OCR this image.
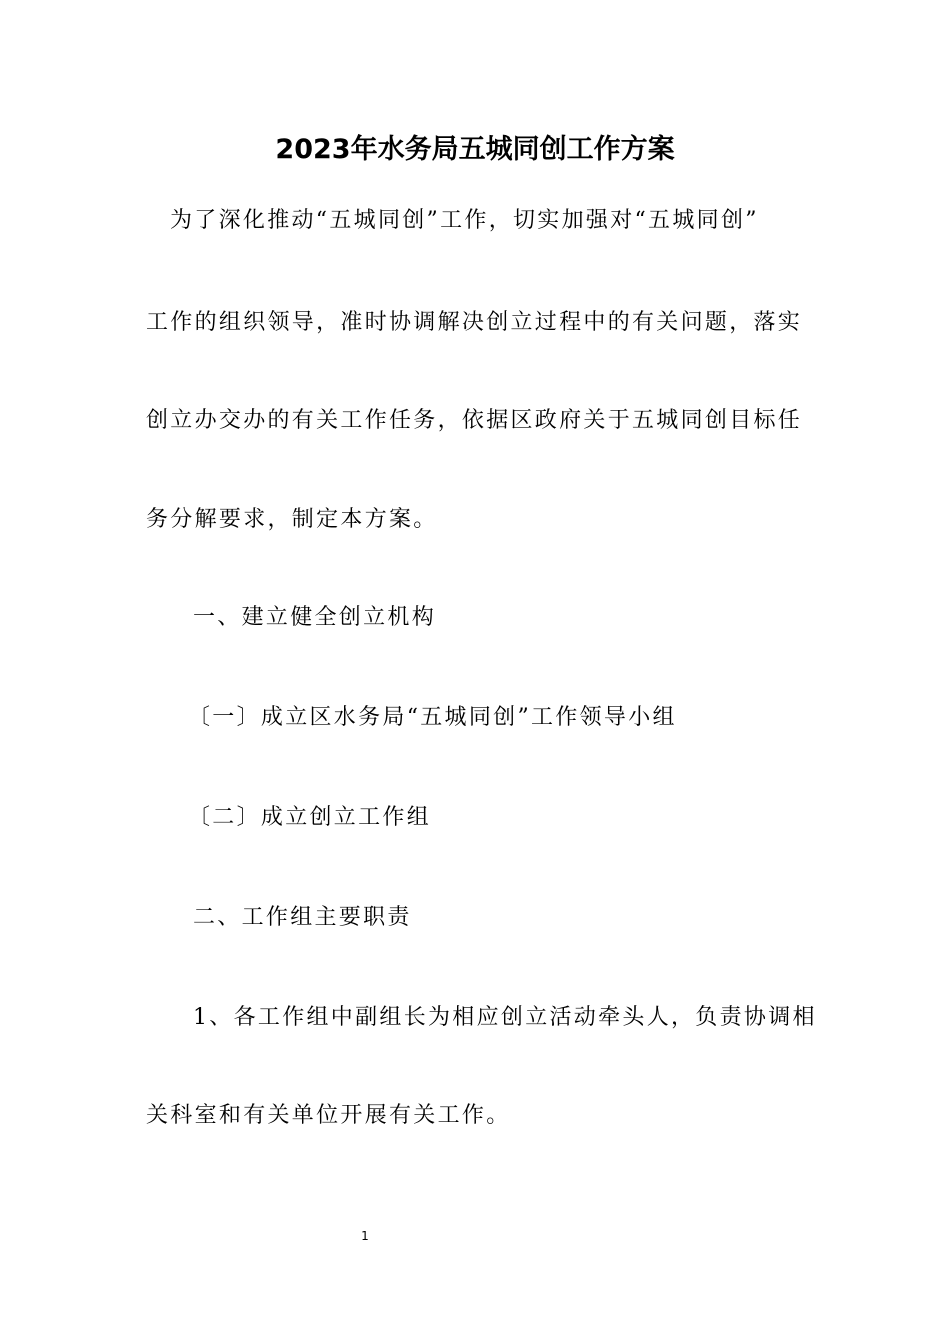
2023年水务局五城同创工作方案

为了深化推动“五城同创”工作，切实加强对“五城同创”

工作的组织领导，准时协调解决创立过程中的有关问题，落实

创立办交办的有关工作任务，依据区政府关于五城同创目标任

务分解要求，制定本方案。

一、建立健全创立机构

〔一〕成立区水务局“五城同创”工作领导小组

〔二〕成立创立工作组

二、工作组主要职责

1、各工作组中副组长为相应创立活动牵头人，负责协调相

关科室和有关单位开展有关工作。

1
